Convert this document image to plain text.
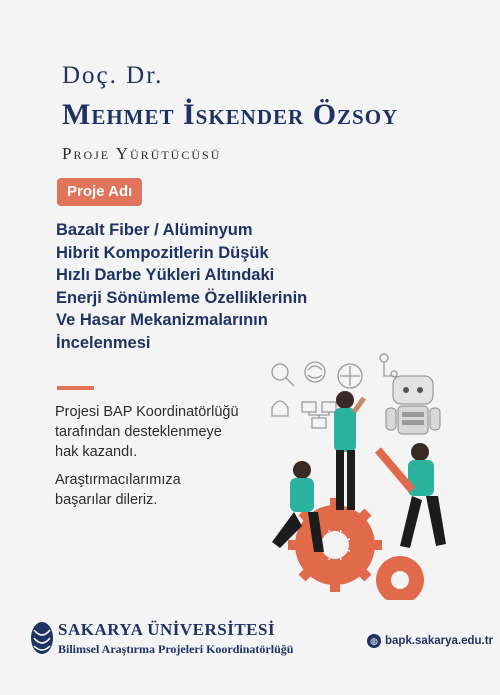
Doç. Dr.
Mehmet İskender Özsoy
Proje Yürütücüsü
Proje Adı
Bazalt Fiber / Alüminyum
Hibrit Kompozitlerin Düşük
Hızlı Darbe Yükleri Altındaki
Enerji Sönümleme Özelliklerinin
Ve Hasar Mekanizmalarının
İncelenmesi
Projesi BAP Koordinatörlüğü
tarafından desteklenmeye
hak kazandı.
Araştırmacılarımıza
başarılar dileriz.
SAKARYA ÜNİVERSİTESİ
Bilimsel Araştırma Projeleri Koordinatörlüğü
◍ bapk.sakarya.edu.tr
